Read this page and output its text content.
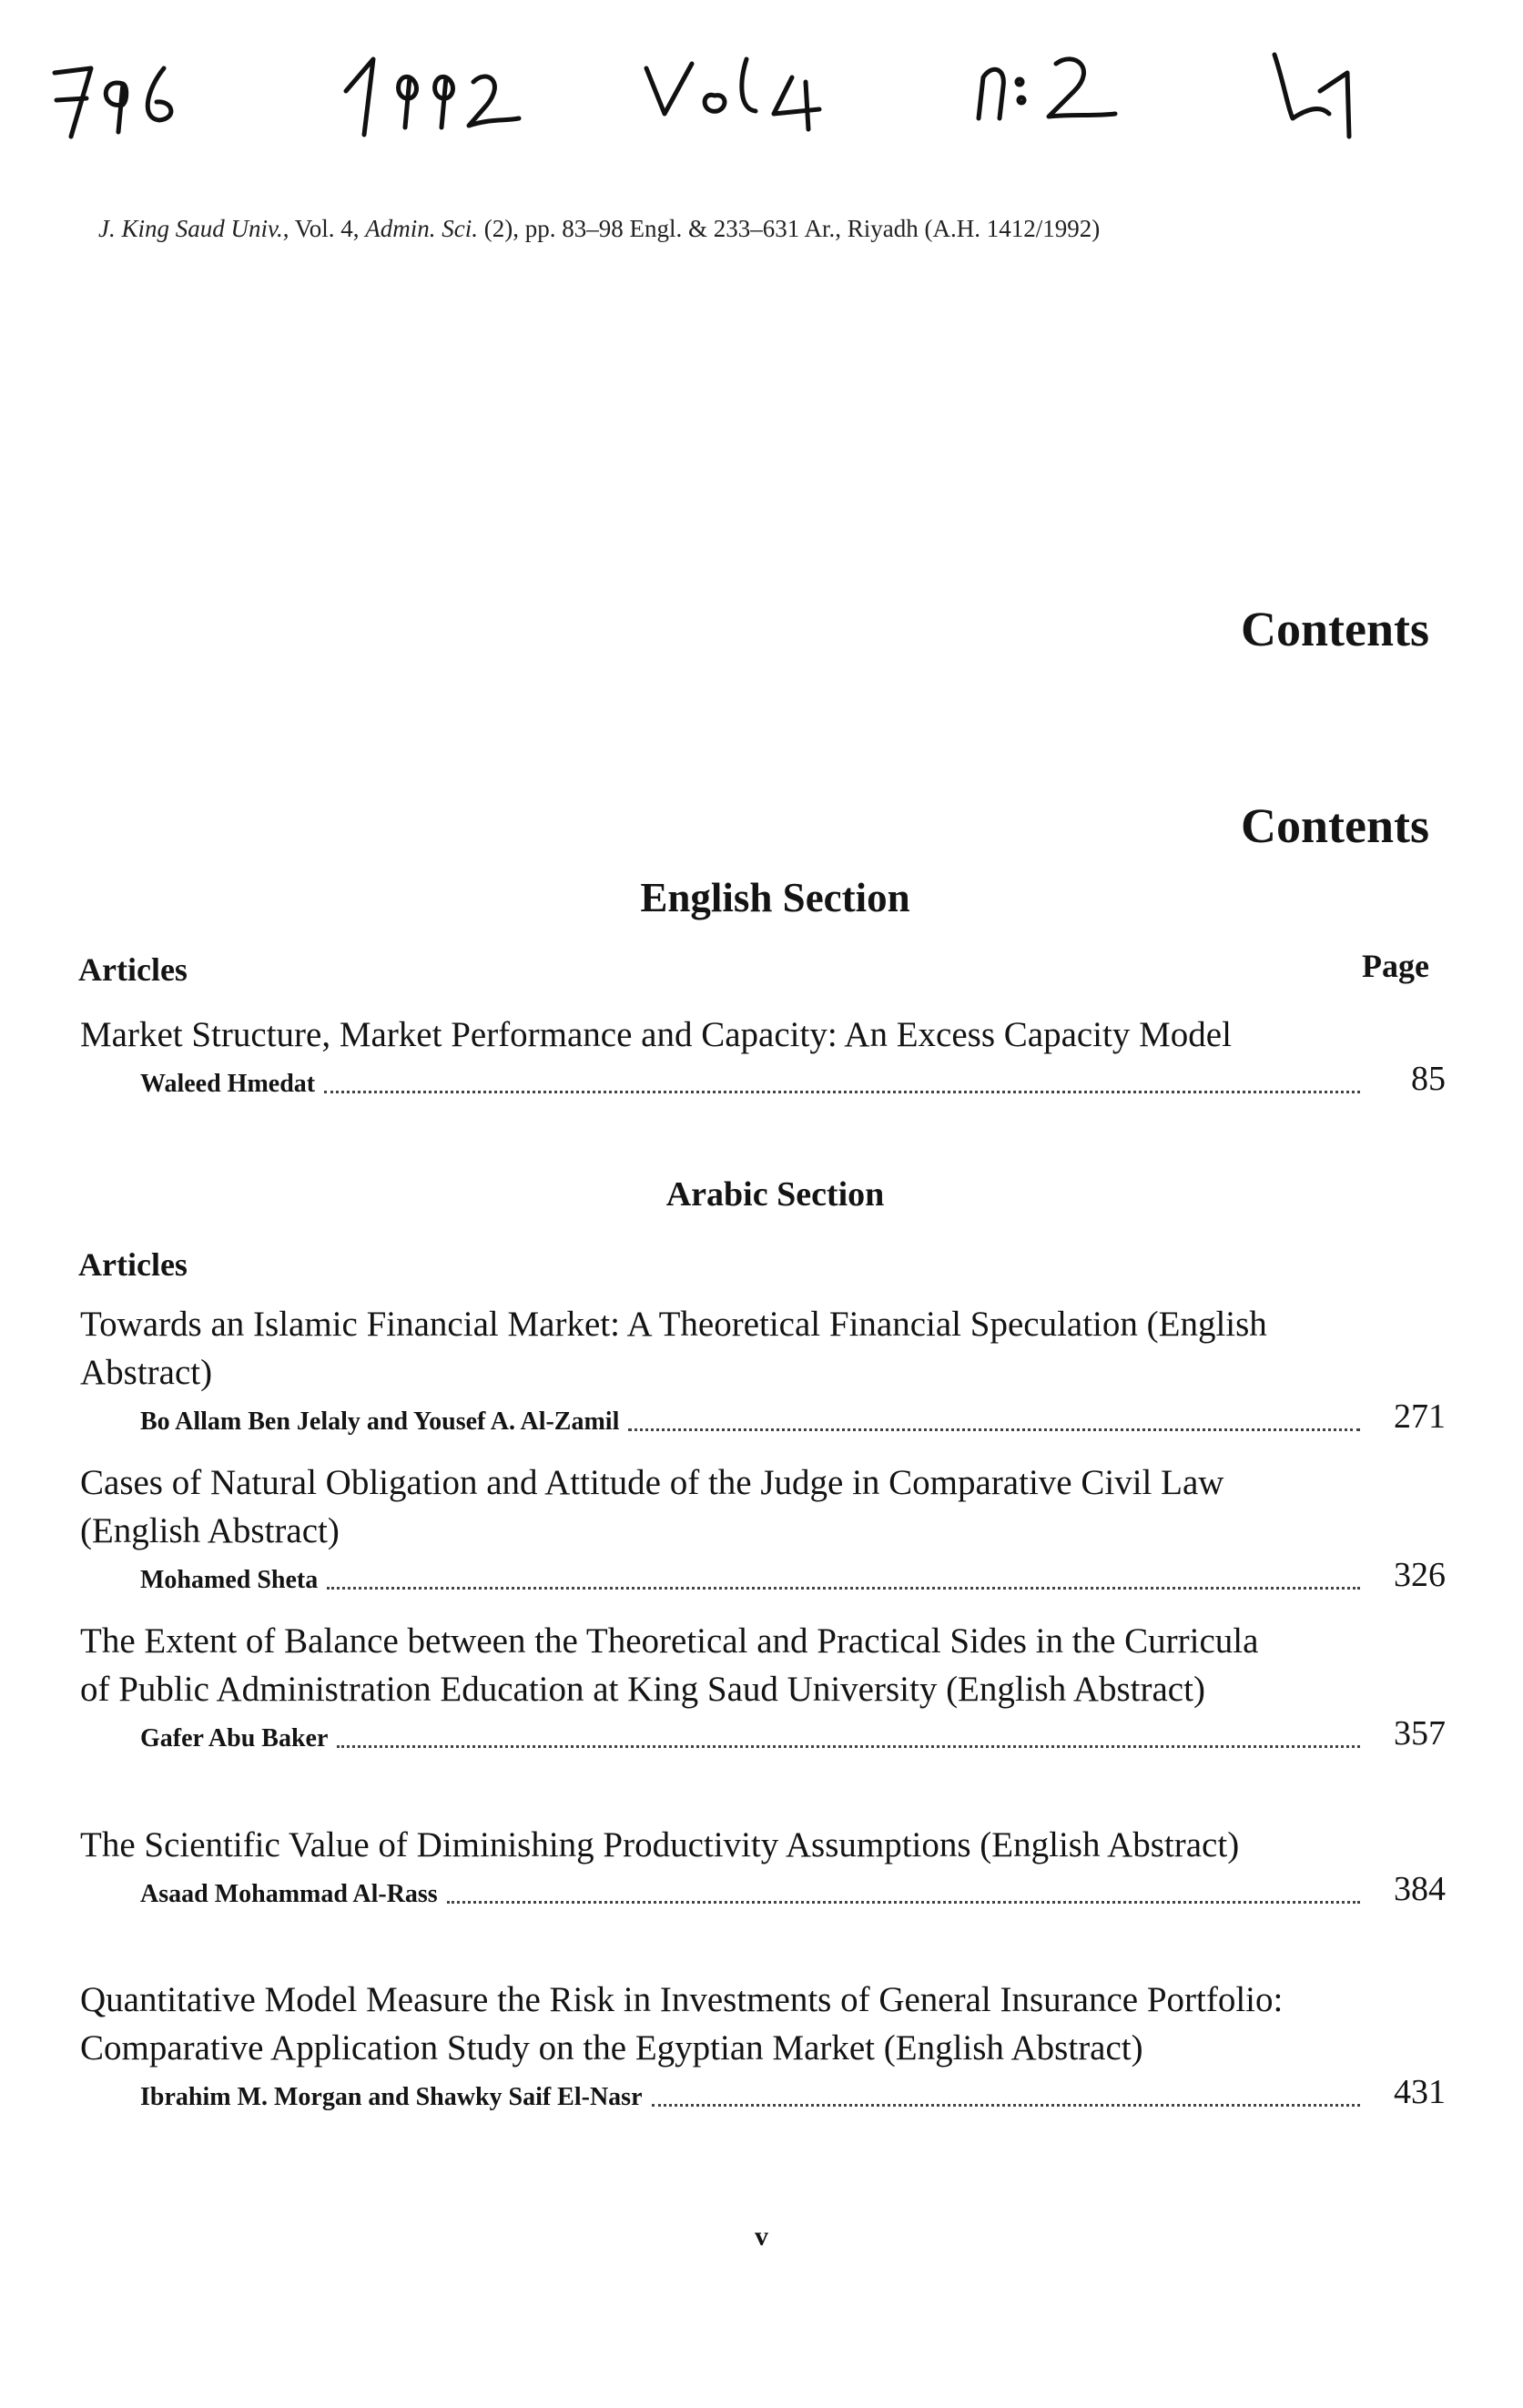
J. King Saud Univ., Vol. 4, Admin. Sci. (2), pp. 83–98 Engl. & 233–631 Ar., Riyadh (A.H. 1412/1992)
Contents
Contents
English Section
Articles	Page
Market Structure, Market Performance and Capacity: An Excess Capacity Model
Waleed Hmedat	85
Arabic Section
Articles
Towards an Islamic Financial Market: A Theoretical Financial Speculation (English Abstract)
Bo Allam Ben Jelaly and Yousef A. Al-Zamil	271
Cases of Natural Obligation and Attitude of the Judge in Comparative Civil Law (English Abstract)
Mohamed Sheta	326
The Extent of Balance between the Theoretical and Practical Sides in the Curricula of Public Administration Education at King Saud University (English Abstract)
Gafer Abu Baker	357
The Scientific Value of Diminishing Productivity Assumptions (English Abstract)
Asaad Mohammad Al-Rass	384
Quantitative Model Measure the Risk in Investments of General Insurance Portfolio: Comparative Application Study on the Egyptian Market (English Abstract)
Ibrahim M. Morgan and Shawky Saif El-Nasr	431
v
